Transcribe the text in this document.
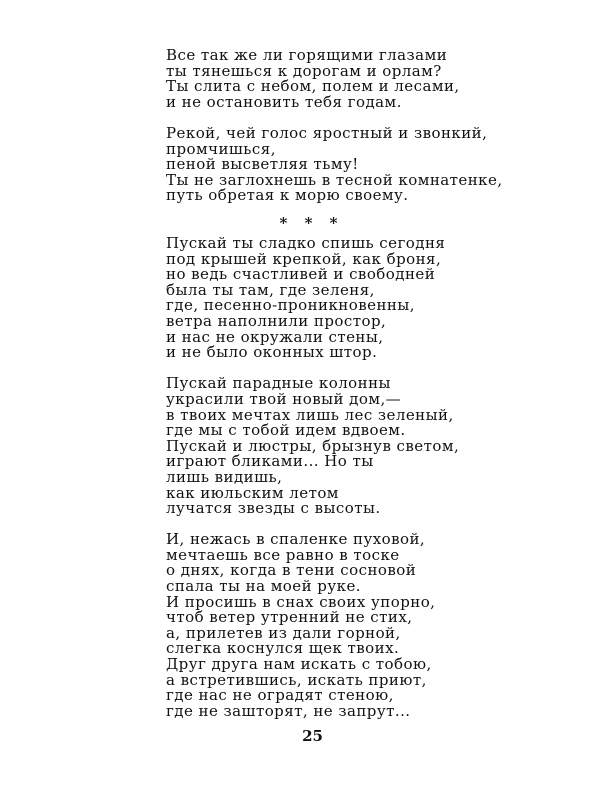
Все так же ли горящими глазами
ты тянешься к дорогам и орлам?
Ты слита с небом, полем и лесами,
и не остановить тебя годам.
Рекой, чей голос яростный и звонкий,
промчишься,
пеной высветляя тьму!
Ты не заглохнешь в тесной комнатенке,
путь обретая к морю своему.
* * *
Пускай ты сладко спишь сегодня
под крышей крепкой, как броня,
но ведь счастливей и свободней
была ты там, где зеленя,
где, песенно-проникновенны,
ветра наполнили простор,
и нас не окружали стены,
и не было оконных штор.
Пускай парадные колонны
украсили твой новый дом,—
в твоих мечтах лишь лес зеленый,
где мы с тобой идем вдвоем.
Пускай и люстры, брызнув светом,
играют бликами... Но ты
лишь видишь,
как июльским летом
лучатся звезды с высоты.
И, нежась в спаленке пуховой,
мечтаешь все равно в тоске
о днях, когда в тени сосновой
спала ты на моей руке.
И просишь в снах своих упорно,
чтоб ветер утренний не стих,
а, прилетев из дали горной,
слегка коснулся щек твоих.
Друг друга нам искать с тобою,
а встретившись, искать приют,
где нас не оградят стеною,
где не зашторят, не запрут...
25
